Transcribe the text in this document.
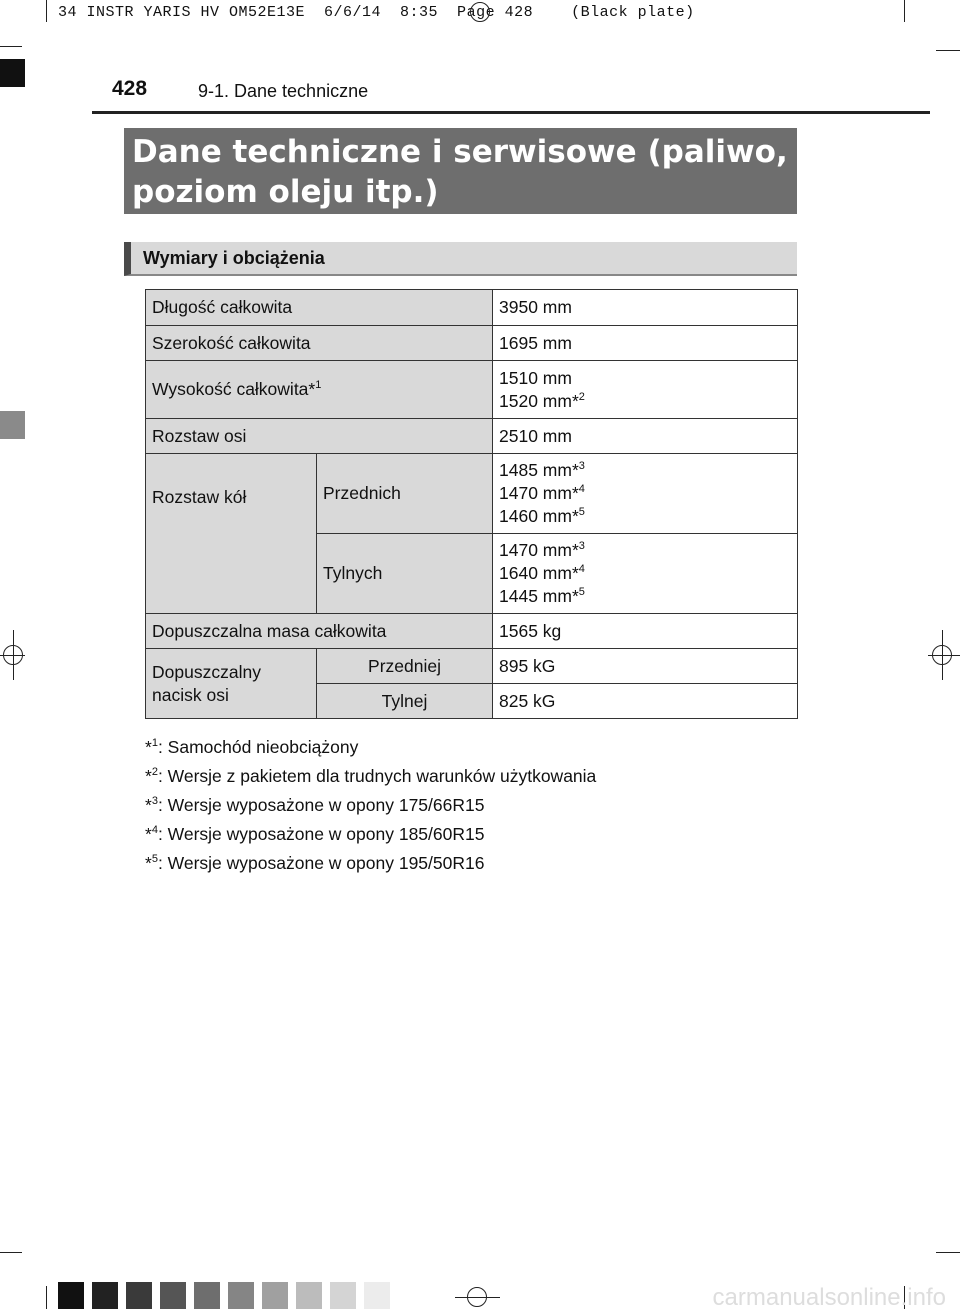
34 INSTR YARIS HV OM52E13E  6/6/14  8:35  Page 428    (Black plate)
428	9-1. Dane techniczne
Dane techniczne i serwisowe (paliwo,
poziom oleju itp.)
Wymiary i obciążenia
Długość całkowita		3950 mm
Szerokość całkowita		1695 mm
Wysokość całkowita*$^1$		1510 mm
1520 mm*$^2$

Rozstaw osi		2510 mm
Rozstaw kół	Przednich	1485 mm*$^3$
1470 mm*$^4$
1460 mm*$^5$

	Tylnych	1470 mm*$^3$
1640 mm*$^4$
1445 mm*$^5$

Dopuszczalna masa całkowita		1565 kg

Dopuszczalny
nacisk osi	Przedniej	895 kG
	Tylnej	825 kG
*$^1$: Samochód nieobciążony
*$^2$: Wersje z pakietem dla trudnych warunków użytkowania
*$^3$: Wersje wyposażone w opony 175/66R15
*$^4$: Wersje wyposażone w opony 185/60R15
*$^5$: Wersje wyposażone w opony 195/50R16
carmanualsonline.info
